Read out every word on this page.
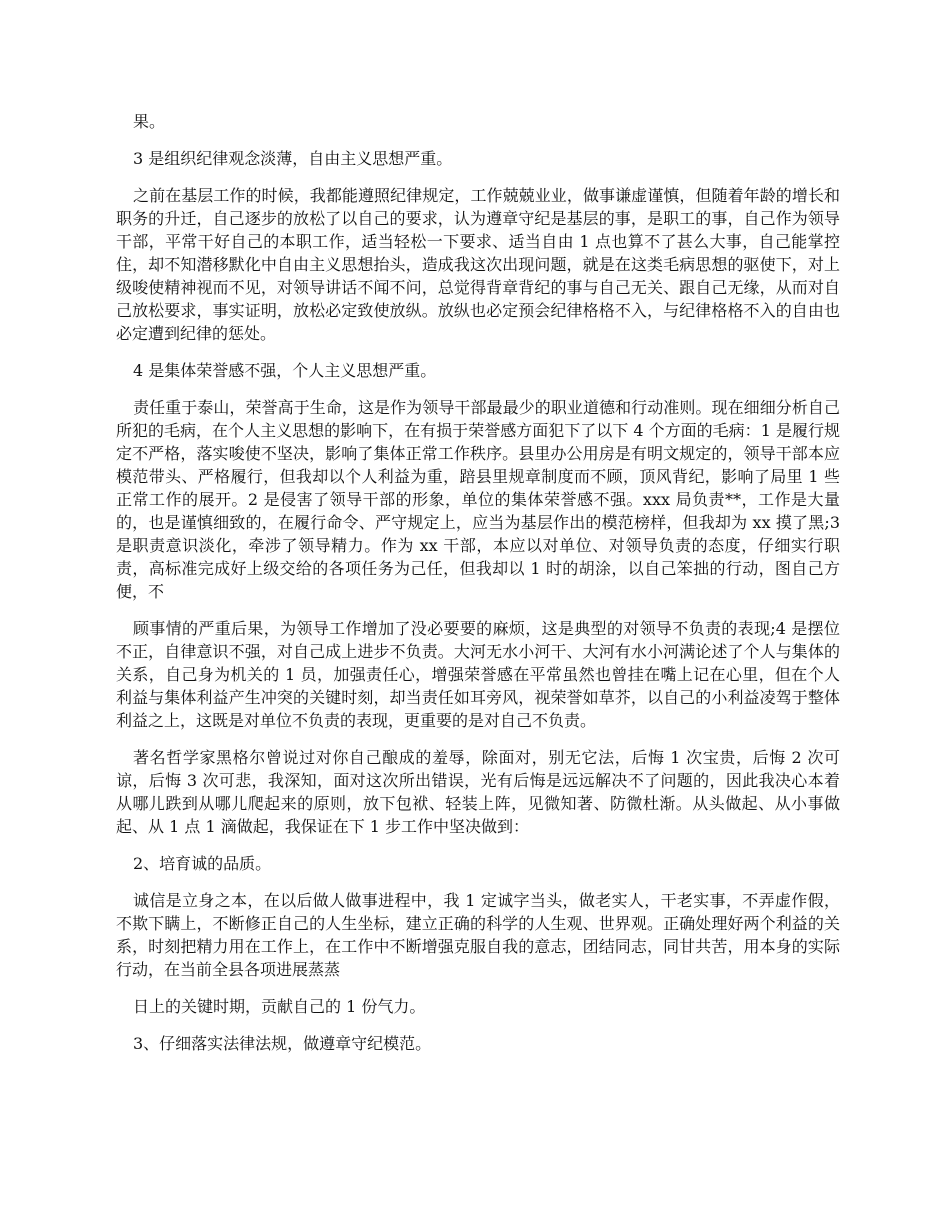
果。

3 是组织纪律观念淡薄，自由主义思想严重。

之前在基层工作的时候，我都能遵照纪律规定，工作兢兢业业，做事谦虚谨慎，但随着年龄的增长和职务的升迁，自己逐步的放松了以自己的要求，认为遵章守纪是基层的事，是职工的事，自己作为领导干部，平常干好自己的本职工作，适当轻松一下要求、适当自由 1 点也算不了甚么大事，自己能掌控住，却不知潜移默化中自由主义思想抬头，造成我这次出现问题，就是在这类毛病思想的驱使下，对上级唆使精神视而不见，对领导讲话不闻不问，总觉得背章背纪的事与自己无关、跟自己无缘，从而对自己放松要求，事实证明，放松必定致使放纵。放纵也必定预会纪律格格不入，与纪律格格不入的自由也必定遭到纪律的惩处。

4 是集体荣誉感不强，个人主义思想严重。

责任重于泰山，荣誉高于生命，这是作为领导干部最最少的职业道德和行动准则。现在细细分析自己所犯的毛病，在个人主义思想的影响下，在有损于荣誉感方面犯下了以下 4 个方面的毛病：1 是履行规定不严格，落实唆使不坚决，影响了集体正常工作秩序。县里办公用房是有明文规定的，领导干部本应模范带头、严格履行，但我却以个人利益为重，踣县里规章制度而不顾，顶风背纪，影响了局里 1 些正常工作的展开。2 是侵害了领导干部的形象，单位的集体荣誉感不强。xxx 局负责**，工作是大量的，也是谨慎细致的，在履行命令、严守规定上，应当为基层作出的模范榜样，但我却为 xx 摸了黑;3 是职责意识淡化，牵涉了领导精力。作为 xx 干部，本应以对单位、对领导负责的态度，仔细实行职责，高标准完成好上级交给的各项任务为己任，但我却以 1 时的胡涂，以自己笨拙的行动，图自己方便，不

顾事情的严重后果，为领导工作增加了没必要要的麻烦，这是典型的对领导不负责的表现;4 是摆位不正，自律意识不强，对自己成上进步不负责。大河无水小河干、大河有水小河满论述了个人与集体的关系，自己身为机关的 1 员，加强责任心，增强荣誉感在平常虽然也曾挂在嘴上记在心里，但在个人利益与集体利益产生冲突的关键时刻，却当责任如耳旁风，视荣誉如草芥，以自己的小利益凌驾于整体利益之上，这既是对单位不负责的表现，更重要的是对自己不负责。

著名哲学家黑格尔曾说过对你自己酿成的羞辱，除面对，别无它法，后悔 1 次宝贵，后悔 2 次可谅，后悔 3 次可悲，我深知，面对这次所出错误，光有后悔是远远解决不了问题的，因此我决心本着从哪儿跌到从哪儿爬起来的原则，放下包袱、轻装上阵，见微知著、防微杜渐。从头做起、从小事做起、从 1 点 1 滴做起，我保证在下 1 步工作中坚决做到：

2、培育诚的品质。

诚信是立身之本，在以后做人做事进程中，我 1 定诚字当头，做老实人，干老实事，不弄虚作假，不欺下瞒上，不断修正自己的人生坐标，建立正确的科学的人生观、世界观。正确处理好两个利益的关系，时刻把精力用在工作上，在工作中不断增强克服自我的意志，团结同志，同甘共苦，用本身的实际行动，在当前全县各项进展蒸蒸

日上的关键时期，贡献自己的 1 份气力。

3、仔细落实法律法规，做遵章守纪模范。
